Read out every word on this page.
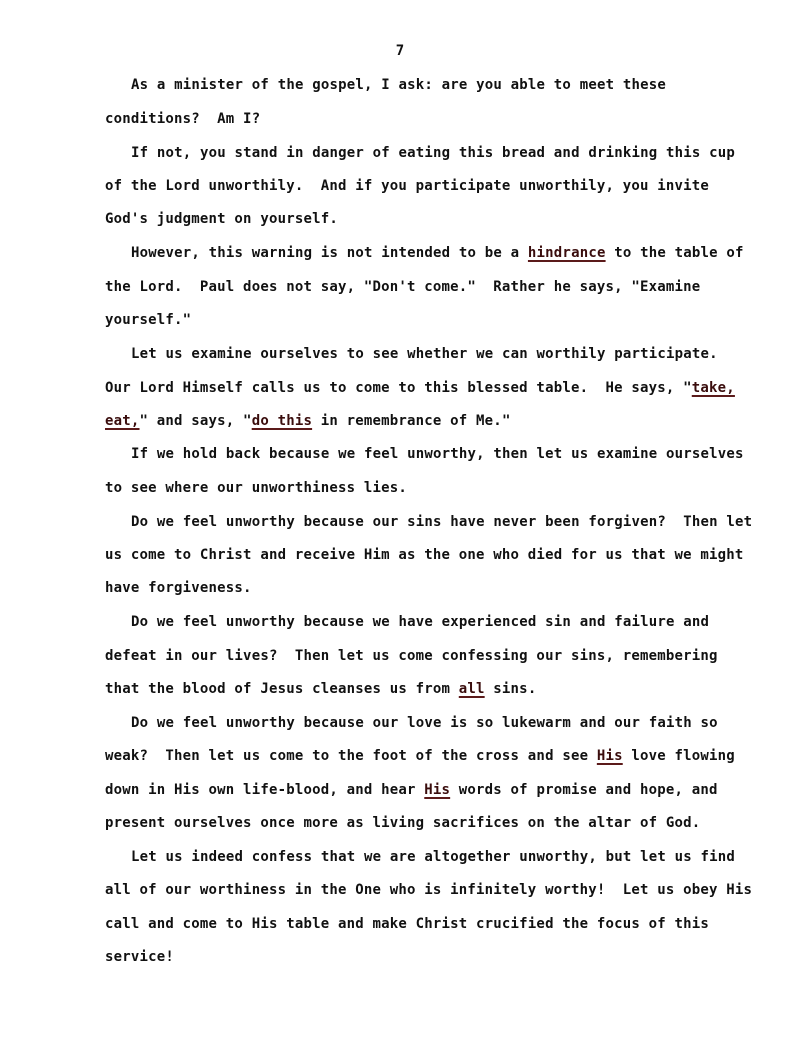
7
As a minister of the gospel, I ask: are you able to meet these
conditions?  Am I?
If not, you stand in danger of eating this bread and drinking this cup
of the Lord unworthily.  And if you participate unworthily, you invite
God's judgment on yourself.
However, this warning is not intended to be a hindrance to the table of
the Lord.  Paul does not say, "Don't come."  Rather he says, "Examine
yourself."
Let us examine ourselves to see whether we can worthily participate.
Our Lord Himself calls us to come to this blessed table.  He says, "take,
eat," and says, "do this in remembrance of Me."
If we hold back because we feel unworthy, then let us examine ourselves
to see where our unworthiness lies.
Do we feel unworthy because our sins have never been forgiven?  Then let
us come to Christ and receive Him as the one who died for us that we might
have forgiveness.
Do we feel unworthy because we have experienced sin and failure and
defeat in our lives?  Then let us come confessing our sins, remembering
that the blood of Jesus cleanses us from all sins.
Do we feel unworthy because our love is so lukewarm and our faith so
weak?  Then let us come to the foot of the cross and see His love flowing
down in His own life-blood, and hear His words of promise and hope, and
present ourselves once more as living sacrifices on the altar of God.
Let us indeed confess that we are altogether unworthy, but let us find
all of our worthiness in the One who is infinitely worthy!  Let us obey His
call and come to His table and make Christ crucified the focus of this
service!
